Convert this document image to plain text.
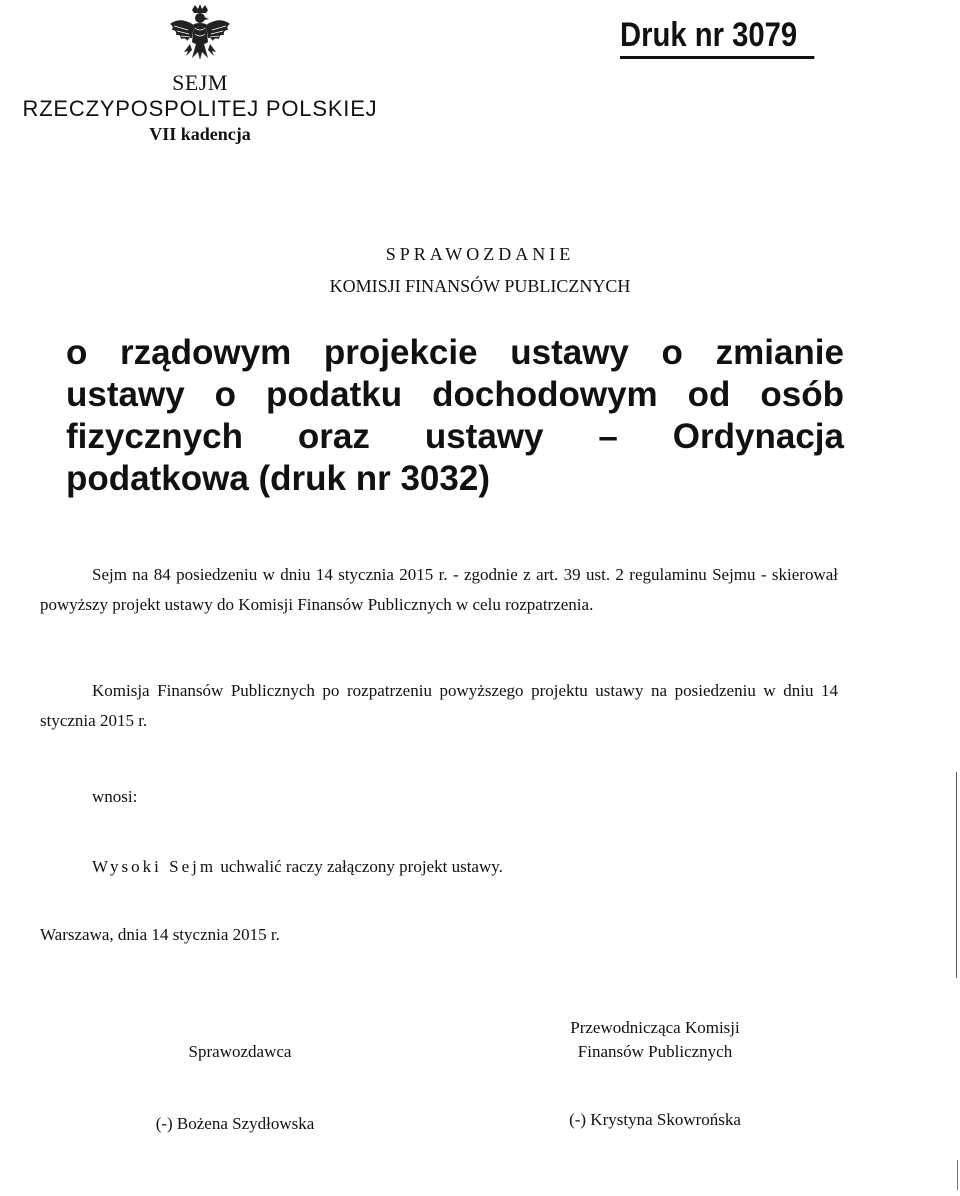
SEJM
RZECZYPOSPOLITEJ POLSKIEJ
VII kadencja
Druk nr 3079
SPRAWOZDANIE
KOMISJI FINANSÓW PUBLICZNYCH
o rządowym projekcie ustawy o zmianie
ustawy o podatku dochodowym od osób
fizycznych oraz ustawy – Ordynacja
podatkowa (druk nr 3032)
Sejm na 84 posiedzeniu w dniu 14 stycznia 2015 r. - zgodnie z art. 39 ust. 2 regulaminu Sejmu - skierował powyższy projekt ustawy do Komisji Finansów Publicznych w celu rozpatrzenia.
Komisja Finansów Publicznych po rozpatrzeniu powyższego projektu ustawy na posiedzeniu w dniu 14 stycznia 2015 r.
wnosi:
Wysoki Sejm uchwalić raczy załączony projekt ustawy.
Warszawa, dnia 14 stycznia 2015 r.
Przewodnicząca Komisji
Finansów Publicznych
Sprawozdawca
(-) Bożena Szydłowska	(-) Krystyna Skowrońska
